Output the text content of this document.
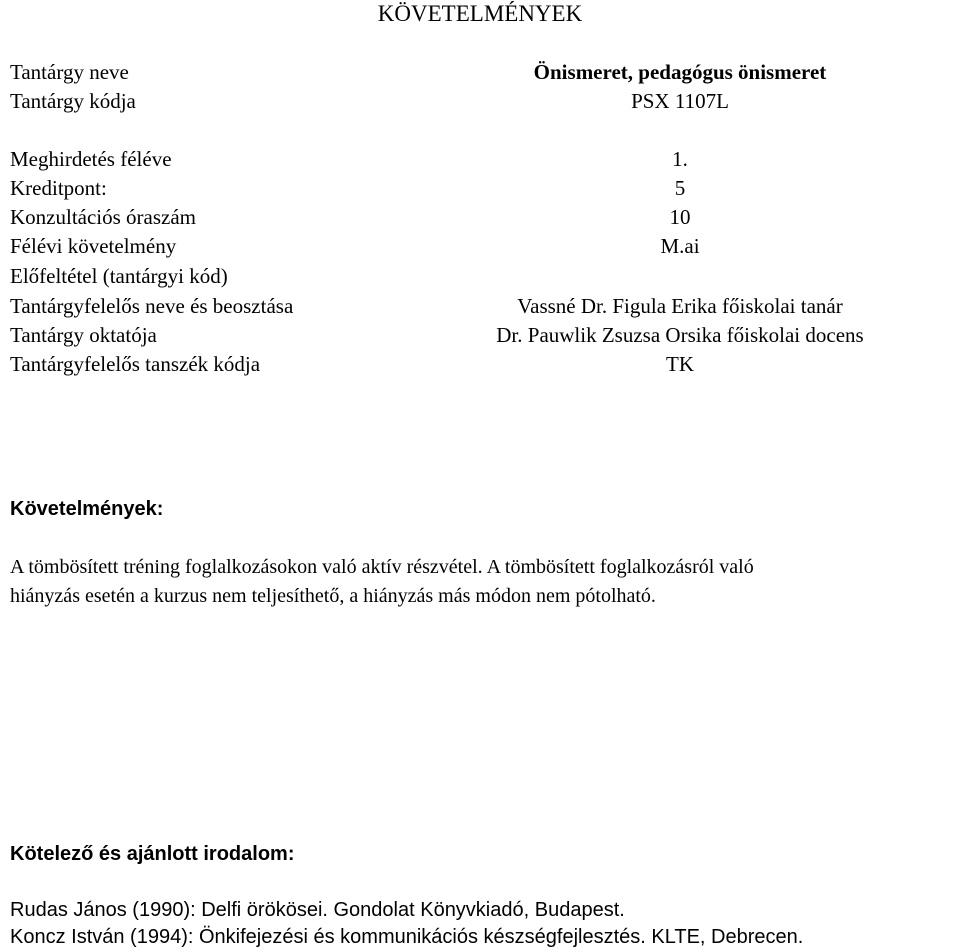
KÖVETELMÉNYEK
Tantárgy neve	Önismeret, pedagógus önismeret
Tantárgy kódja	PSX 1107L
Meghirdetés féléve	1.
Kreditpont:	5
Konzultációs óraszám	10
Félévi követelmény	M.ai
Előfeltétel (tantárgyi kód)
Tantárgyfelelős neve és beosztása	Vassné Dr. Figula Erika főiskolai tanár
Tantárgy oktatója	Dr. Pauwlik Zsuzsa Orsika főiskolai docens
Tantárgyfelelős tanszék kódja	TK
Követelmények:
A tömbösített tréning foglalkozásokon való aktív részvétel. A tömbösített foglalkozásról való
hiányzás esetén a kurzus nem teljesíthető, a hiányzás más módon nem pótolható.
Kötelező és ajánlott irodalom:
Rudas János (1990): Delfi örökösei. Gondolat Könyvkiadó, Budapest.
Koncz István (1994): Önkifejezési és kommunikációs készségfejlesztés. KLTE, Debrecen.
